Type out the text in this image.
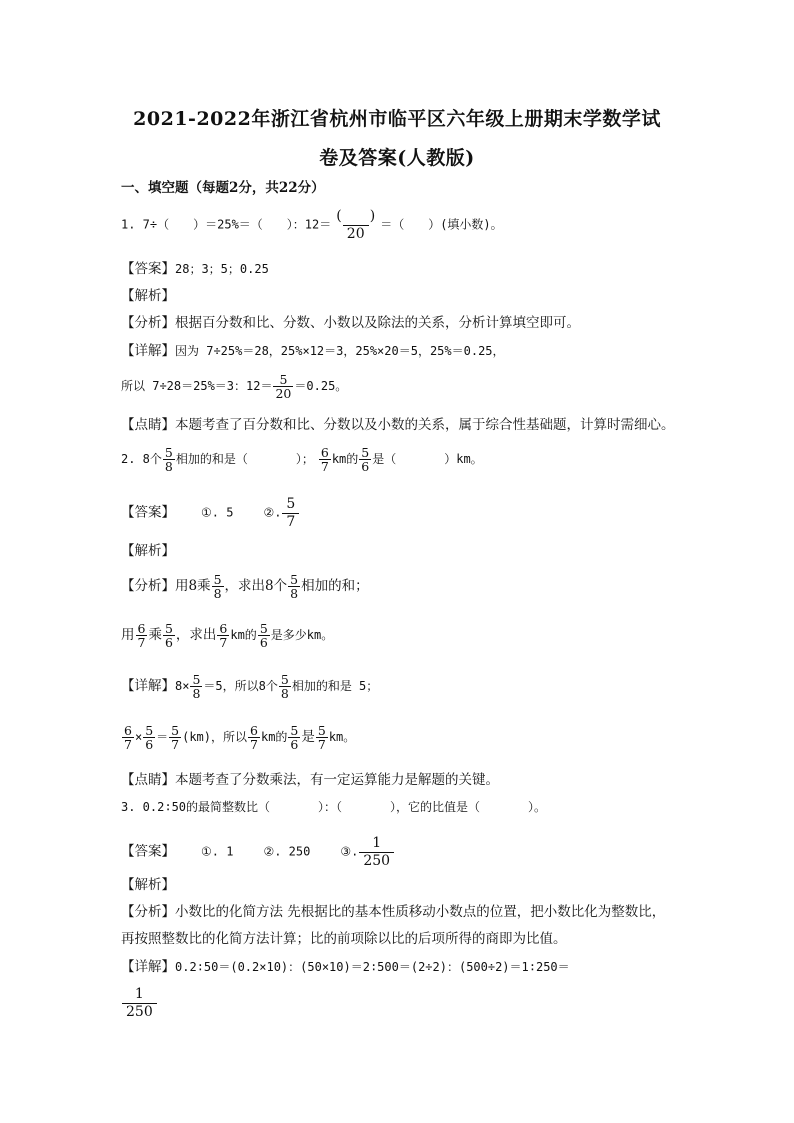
2021-2022年浙江省杭州市临平区六年级上册期末学数学试
卷及答案(人教版)
一、填空题（每题2分，共22分）
1. 7÷（　　）＝25%＝（　　）：$12= \frac{( )}{20}$ ＝（　　）(填小数)。
【答案】28；3；5；0.25
【解析】
【分析】根据百分数和比、分数、小数以及除法的关系，分析计算填空即可。
【详解】因为 7÷25%＝28，25%×12＝3，25%×20＝5，25%＝0.25，
所以 7÷28＝25%＝3：$12= \frac{5}{20} =0.25$。
【点睛】本题考查了百分数和比、分数以及小数的关系，属于综合性基础题，计算时需细心。
2. 8个 $\frac{5}{8}$ 相加的和是（　　　　）； $\frac{6}{7}$ km的 $\frac{5}{6}$ 是（　　　　）km。
【答案】 ①. 5	②. $\frac{5}{7}$
【解析】
【分析】用8乘 $\frac{5}{8}$ ，求出8个 $\frac{5}{8}$ 相加的和；
用 $\frac{6}{7}$ 乘 $\frac{5}{6}$ ，求出 $\frac{6}{7}$ km的 $\frac{5}{6}$ 是多少km。
【详解】$8\times \frac{5}{8} =5$，所以8个 $\frac{5}{8}$ 相加的和是 5；
$\frac{6}{7} \times \frac{5}{6} = \frac{5}{7} (km)$，所以 $\frac{6}{7}$ km的 $\frac{5}{6}$ 是 $\frac{5}{7}$ km。
【点睛】本题考查了分数乘法，有一定运算能力是解题的关键。
3. 0.2∶50的最简整数比（　　　　）：（　　　　），它的比值是（　　　　）。
【答案】 ①. 1	②. 250	③. $\frac{1}{250}$
【解析】
【分析】小数比的化简方法 先根据比的基本性质移动小数点的位置，把小数比化为整数比，
再按照整数比的化简方法计算；比的前项除以比的后项所得的商即为比值。
【详解】0.2∶50＝(0.2×10)：(50×10)＝2∶500＝(2÷2)：(500÷2)＝1∶250＝
$\frac{1}{250}$
